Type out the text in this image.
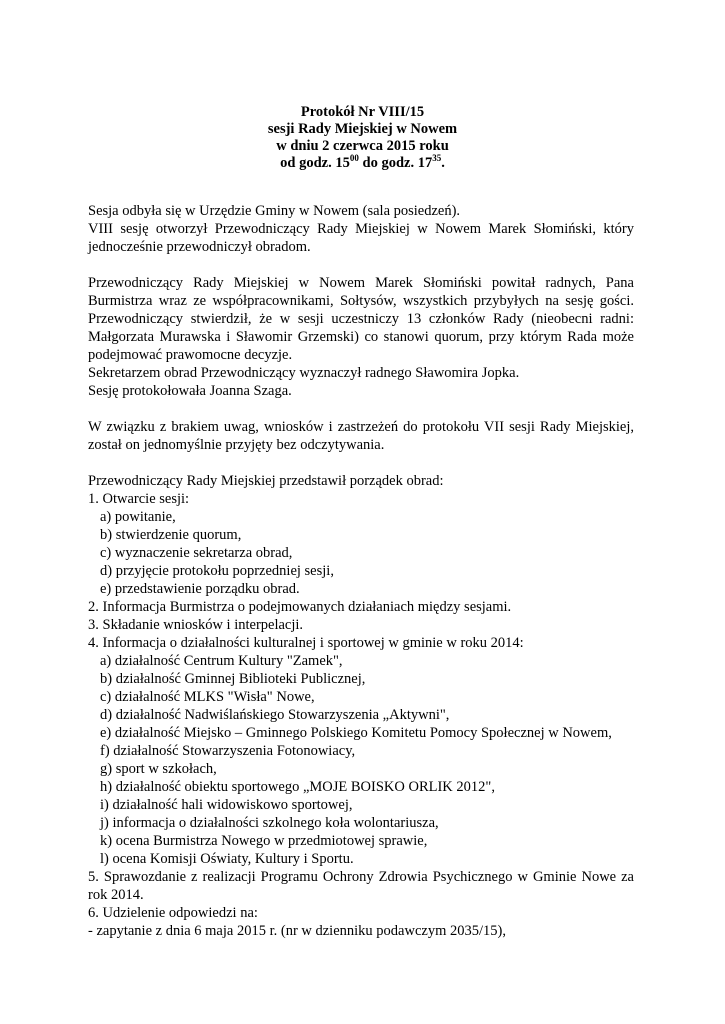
Protokół Nr VIII/15
sesji Rady Miejskiej w Nowem
w dniu 2 czerwca 2015 roku
od godz. $15^{00}$ do godz. $17^{35}$.
Sesja odbyła się w Urzędzie Gminy w Nowem (sala posiedzeń).
VIII sesję otworzył Przewodniczący Rady Miejskiej w Nowem Marek Słomiński, który
jednocześnie przewodniczył obradom.
Przewodniczący Rady Miejskiej w Nowem Marek Słomiński powitał radnych, Pana
Burmistrza wraz ze współpracownikami, Sołtysów, wszystkich przybyłych na sesję gości.
Przewodniczący stwierdził, że w sesji uczestniczy 13 członków Rady (nieobecni radni:
Małgorzata Murawska i Sławomir Grzemski) co stanowi quorum, przy którym Rada może
podejmować prawomocne decyzje.
Sekretarzem obrad Przewodniczący wyznaczył radnego Sławomira Jopka.
Sesję protokołowała Joanna Szaga.
W związku z brakiem uwag, wniosków i zastrzeżeń do protokołu VII sesji Rady Miejskiej,
został on jednomyślnie przyjęty bez odczytywania.
Przewodniczący Rady Miejskiej przedstawił porządek obrad:
1. Otwarcie sesji:
a) powitanie,
b) stwierdzenie quorum,
c) wyznaczenie sekretarza obrad,
d) przyjęcie protokołu poprzedniej sesji,
e) przedstawienie porządku obrad.
2. Informacja Burmistrza o podejmowanych działaniach między sesjami.
3. Składanie wniosków i interpelacji.
4. Informacja o działalności kulturalnej i sportowej w gminie w roku 2014:
a) działalność Centrum Kultury "Zamek",
b) działalność Gminnej Biblioteki Publicznej,
c) działalność MLKS "Wisła" Nowe,
d) działalność Nadwiślańskiego Stowarzyszenia „Aktywni",
e) działalność Miejsko – Gminnego Polskiego Komitetu Pomocy Społecznej w Nowem,
f) działalność Stowarzyszenia Fotonowiacy,
g) sport w szkołach,
h) działalność obiektu sportowego „MOJE BOISKO ORLIK 2012",
i) działalność hali widowiskowo sportowej,
j) informacja o działalności szkolnego koła wolontariusza,
k) ocena Burmistrza Nowego w przedmiotowej sprawie,
l) ocena Komisji Oświaty, Kultury i Sportu.
5. Sprawozdanie z realizacji Programu Ochrony Zdrowia Psychicznego w Gminie Nowe za
rok 2014.
6. Udzielenie odpowiedzi na:
- zapytanie z dnia 6 maja 2015 r. (nr w dzienniku podawczym 2035/15),
